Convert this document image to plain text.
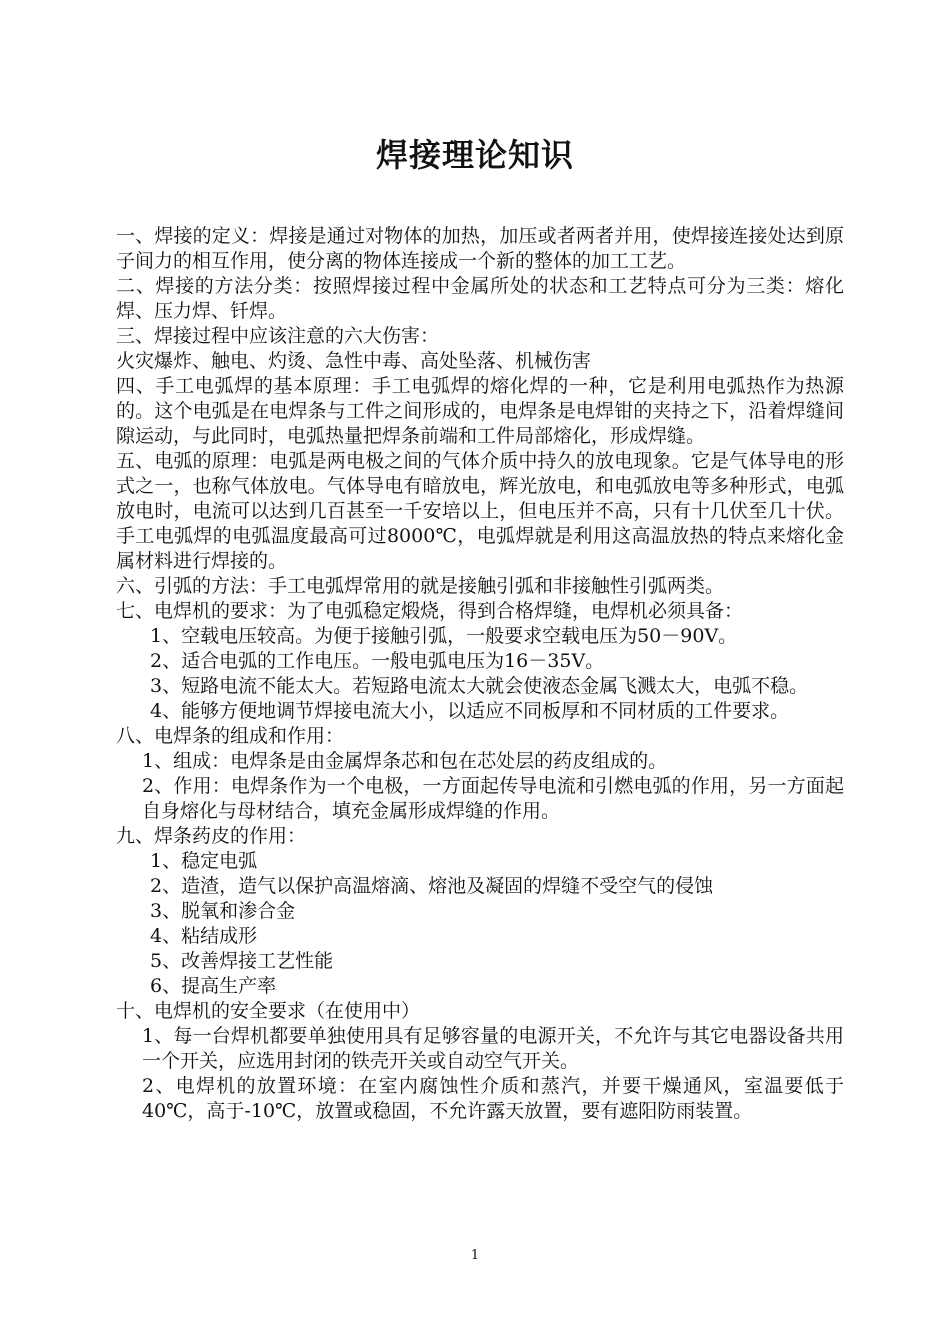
焊接理论知识

一、焊接的定义：焊接是通过对物体的加热，加压或者两者并用，使焊接连接处达到原子间力的相互作用，使分离的物体连接成一个新的整体的加工工艺。

二、焊接的方法分类：按照焊接过程中金属所处的状态和工艺特点可分为三类：熔化焊、压力焊、钎焊。

三、焊接过程中应该注意的六大伤害：

火灾爆炸、触电、灼烫、急性中毒、高处坠落、机械伤害

四、手工电弧焊的基本原理：手工电弧焊的熔化焊的一种，它是利用电弧热作为热源的。这个电弧是在电焊条与工件之间形成的，电焊条是电焊钳的夹持之下，沿着焊缝间隙运动，与此同时，电弧热量把焊条前端和工件局部熔化，形成焊缝。

五、电弧的原理：电弧是两电极之间的气体介质中持久的放电现象。它是气体导电的形式之一，也称气体放电。气体导电有暗放电，辉光放电，和电弧放电等多种形式，电弧放电时，电流可以达到几百甚至一千安培以上，但电压并不高，只有十几伏至几十伏。手工电弧焊的电弧温度最高可过8000℃，电弧焊就是利用这高温放热的特点来熔化金属材料进行焊接的。

六、引弧的方法：手工电弧焊常用的就是接触引弧和非接触性引弧两类。

七、电焊机的要求：为了电弧稳定煅烧，得到合格焊缝，电焊机必须具备：

1、空载电压较高。为便于接触引弧，一般要求空载电压为50－90V。

2、适合电弧的工作电压。一般电弧电压为16－35V。

3、短路电流不能太大。若短路电流太大就会使液态金属飞溅太大，电弧不稳。

4、能够方便地调节焊接电流大小，以适应不同板厚和不同材质的工件要求。

八、电焊条的组成和作用：

1、组成：电焊条是由金属焊条芯和包在芯处层的药皮组成的。

2、作用：电焊条作为一个电极，一方面起传导电流和引燃电弧的作用，另一方面起自身熔化与母材结合，填充金属形成焊缝的作用。

九、焊条药皮的作用：

1、稳定电弧

2、造渣，造气以保护高温熔滴、熔池及凝固的焊缝不受空气的侵蚀

3、脱氧和渗合金

4、粘结成形

5、改善焊接工艺性能

6、提高生产率

十、电焊机的安全要求（在使用中）

1、每一台焊机都要单独使用具有足够容量的电源开关，不允许与其它电器设备共用一个开关，应选用封闭的铁壳开关或自动空气开关。

2、电焊机的放置环境：在室内腐蚀性介质和蒸汽，并要干燥通风，室温要低于40℃，高于-10℃，放置或稳固，不允许露天放置，要有遮阳防雨装置。

1
